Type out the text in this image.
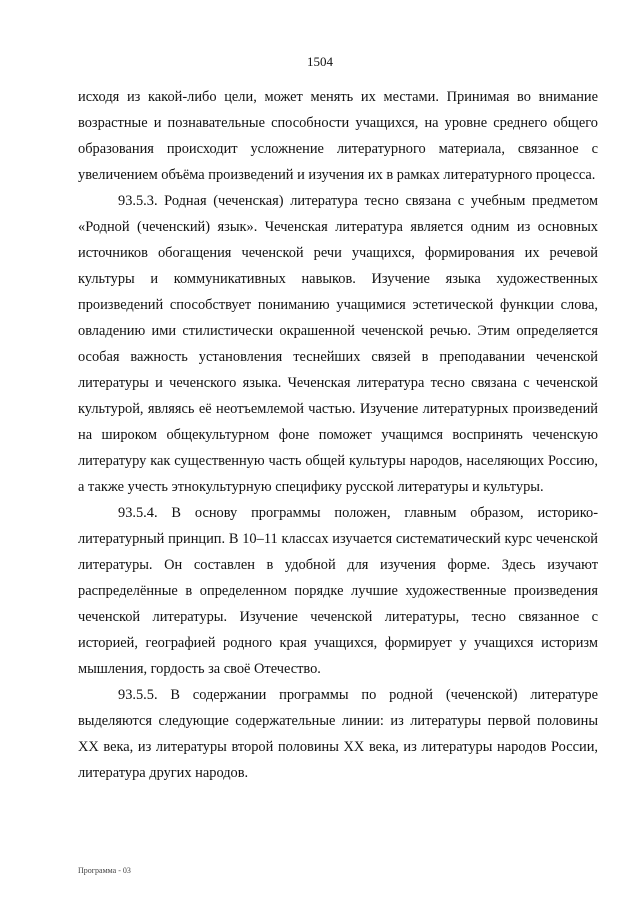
1504

исходя из какой-либо цели, может менять их местами. Принимая во внимание возрастные и познавательные способности учащихся, на уровне среднего общего образования происходит усложнение литературного материала, связанное с увеличением объёма произведений и изучения их в рамках литературного процесса.

93.5.3. Родная (чеченская) литература тесно связана с учебным предметом «Родной (чеченский) язык». Чеченская литература является одним из основных источников обогащения чеченской речи учащихся, формирования их речевой культуры и коммуникативных навыков. Изучение языка художественных произведений способствует пониманию учащимися эстетической функции слова, овладению ими стилистически окрашенной чеченской речью. Этим определяется особая важность установления теснейших связей в преподавании чеченской литературы и чеченского языка. Чеченская литература тесно связана с чеченской культурой, являясь её неотъемлемой частью. Изучение литературных произведений на широком общекультурном фоне поможет учащимся воспринять чеченскую литературу как существенную часть общей культуры народов, населяющих Россию, а также учесть этнокультурную специфику русской литературы и культуры.

93.5.4. В основу программы положен, главным образом, историко-литературный принцип. В 10–11 классах изучается систематический курс чеченской литературы. Он составлен в удобной для изучения форме. Здесь изучают распределённые в определенном порядке лучшие художественные произведения чеченской литературы. Изучение чеченской литературы, тесно связанное с историей, географией родного края учащихся, формирует у учащихся историзм мышления, гордость за своё Отечество.

93.5.5. В содержании программы по родной (чеченской) литературе выделяются следующие содержательные линии: из литературы первой половины XX века, из литературы второй половины XX века, из литературы народов России, литература других народов.

Программа - 03
